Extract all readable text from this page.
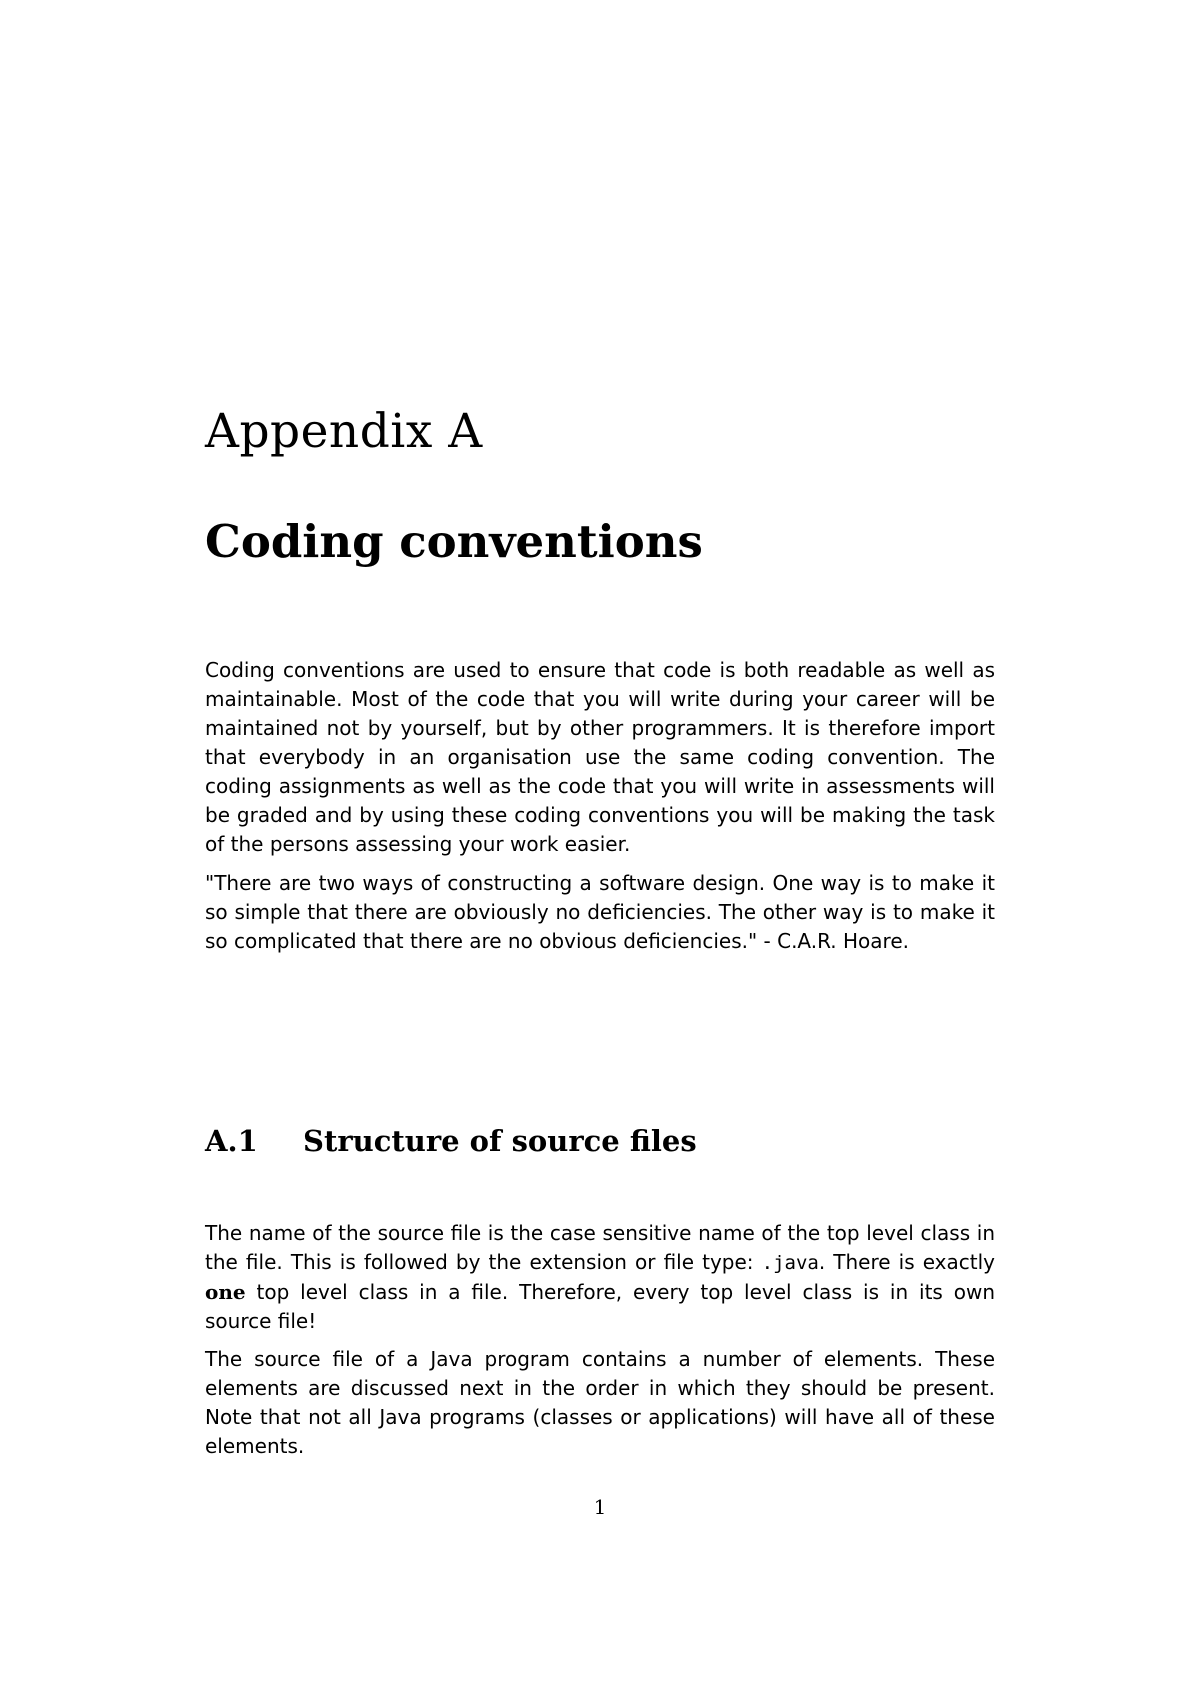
Appendix A
Coding conventions

Coding conventions are used to ensure that code is both readable as well as maintainable. Most of the code that you will write during your career will be maintained not by yourself, but by other programmers. It is therefore import that everybody in an organisation use the same coding convention. The coding assignments as well as the code that you will write in assessments will be graded and by using these coding conventions you will be making the task of the persons assessing your work easier.

"There are two ways of constructing a software design. One way is to make it so simple that there are obviously no deficiencies. The other way is to make it so complicated that there are no obvious deficiencies." - C.A.R. Hoare.

A.1 Structure of source files

The name of the source file is the case sensitive name of the top level class in the file. This is followed by the extension or file type: .java. There is exactly one top level class in a file. Therefore, every top level class is in its own source file!

The source file of a Java program contains a number of elements. These elements are discussed next in the order in which they should be present. Note that not all Java programs (classes or applications) will have all of these elements.

1
